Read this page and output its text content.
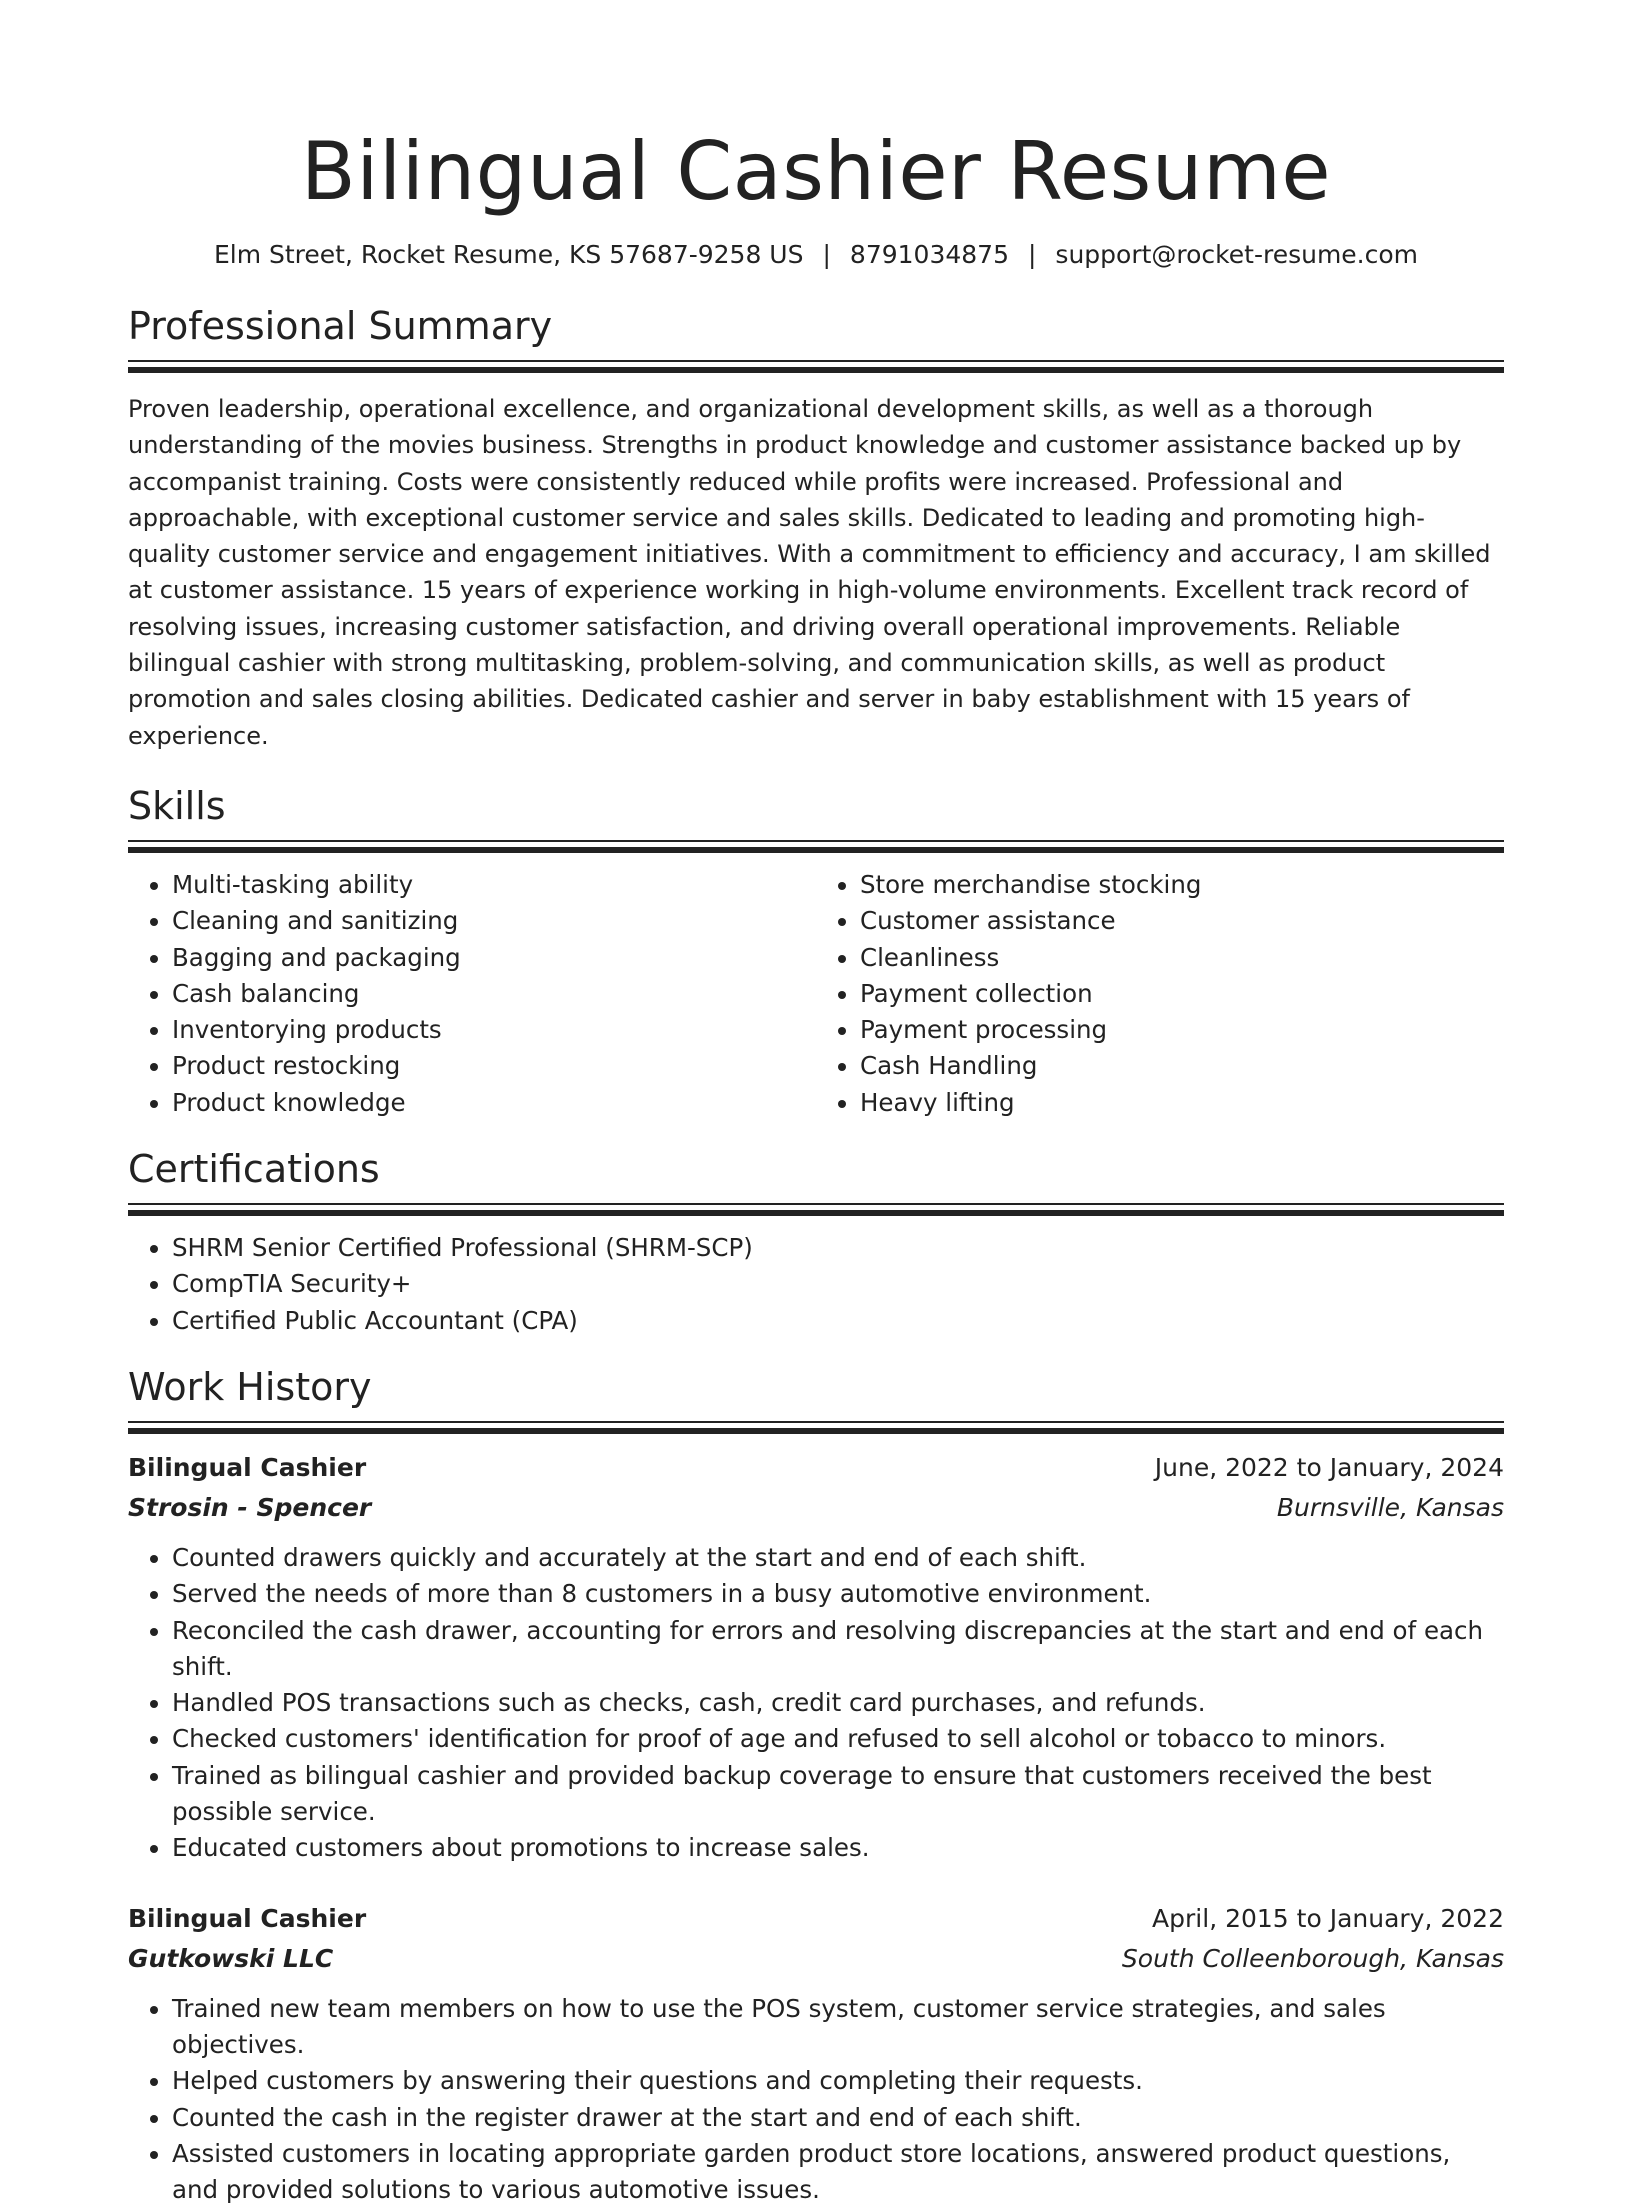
Bilingual Cashier Resume
Elm Street, Rocket Resume, KS 57687-9258 US | 8791034875 | support@rocket-resume.com
Professional Summary
Proven leadership, operational excellence, and organizational development skills, as well as a thorough understanding of the movies business. Strengths in product knowledge and customer assistance backed up by accompanist training. Costs were consistently reduced while profits were increased. Professional and approachable, with exceptional customer service and sales skills. Dedicated to leading and promoting high-quality customer service and engagement initiatives. With a commitment to efficiency and accuracy, I am skilled at customer assistance. 15 years of experience working in high-volume environments. Excellent track record of resolving issues, increasing customer satisfaction, and driving overall operational improvements. Reliable bilingual cashier with strong multitasking, problem-solving, and communication skills, as well as product promotion and sales closing abilities. Dedicated cashier and server in baby establishment with 15 years of experience.
Skills
• Multi-tasking ability
• Cleaning and sanitizing
• Bagging and packaging
• Cash balancing
• Inventorying products
• Product restocking
• Product knowledge
• Store merchandise stocking
• Customer assistance
• Cleanliness
• Payment collection
• Payment processing
• Cash Handling
• Heavy lifting
Certifications
• SHRM Senior Certified Professional (SHRM-SCP)
• CompTIA Security+
• Certified Public Accountant (CPA)
Work History
Bilingual Cashier	June, 2022 to January, 2024
Strosin - Spencer	Burnsville, Kansas
• Counted drawers quickly and accurately at the start and end of each shift.
• Served the needs of more than 8 customers in a busy automotive environment.
• Reconciled the cash drawer, accounting for errors and resolving discrepancies at the start and end of each shift.
• Handled POS transactions such as checks, cash, credit card purchases, and refunds.
• Checked customers' identification for proof of age and refused to sell alcohol or tobacco to minors.
• Trained as bilingual cashier and provided backup coverage to ensure that customers received the best possible service.
• Educated customers about promotions to increase sales.
Bilingual Cashier	April, 2015 to January, 2022
Gutkowski LLC	South Colleenborough, Kansas
• Trained new team members on how to use the POS system, customer service strategies, and sales objectives.
• Helped customers by answering their questions and completing their requests.
• Counted the cash in the register drawer at the start and end of each shift.
• Assisted customers in locating appropriate garden product store locations, answered product questions, and provided solutions to various automotive issues.
